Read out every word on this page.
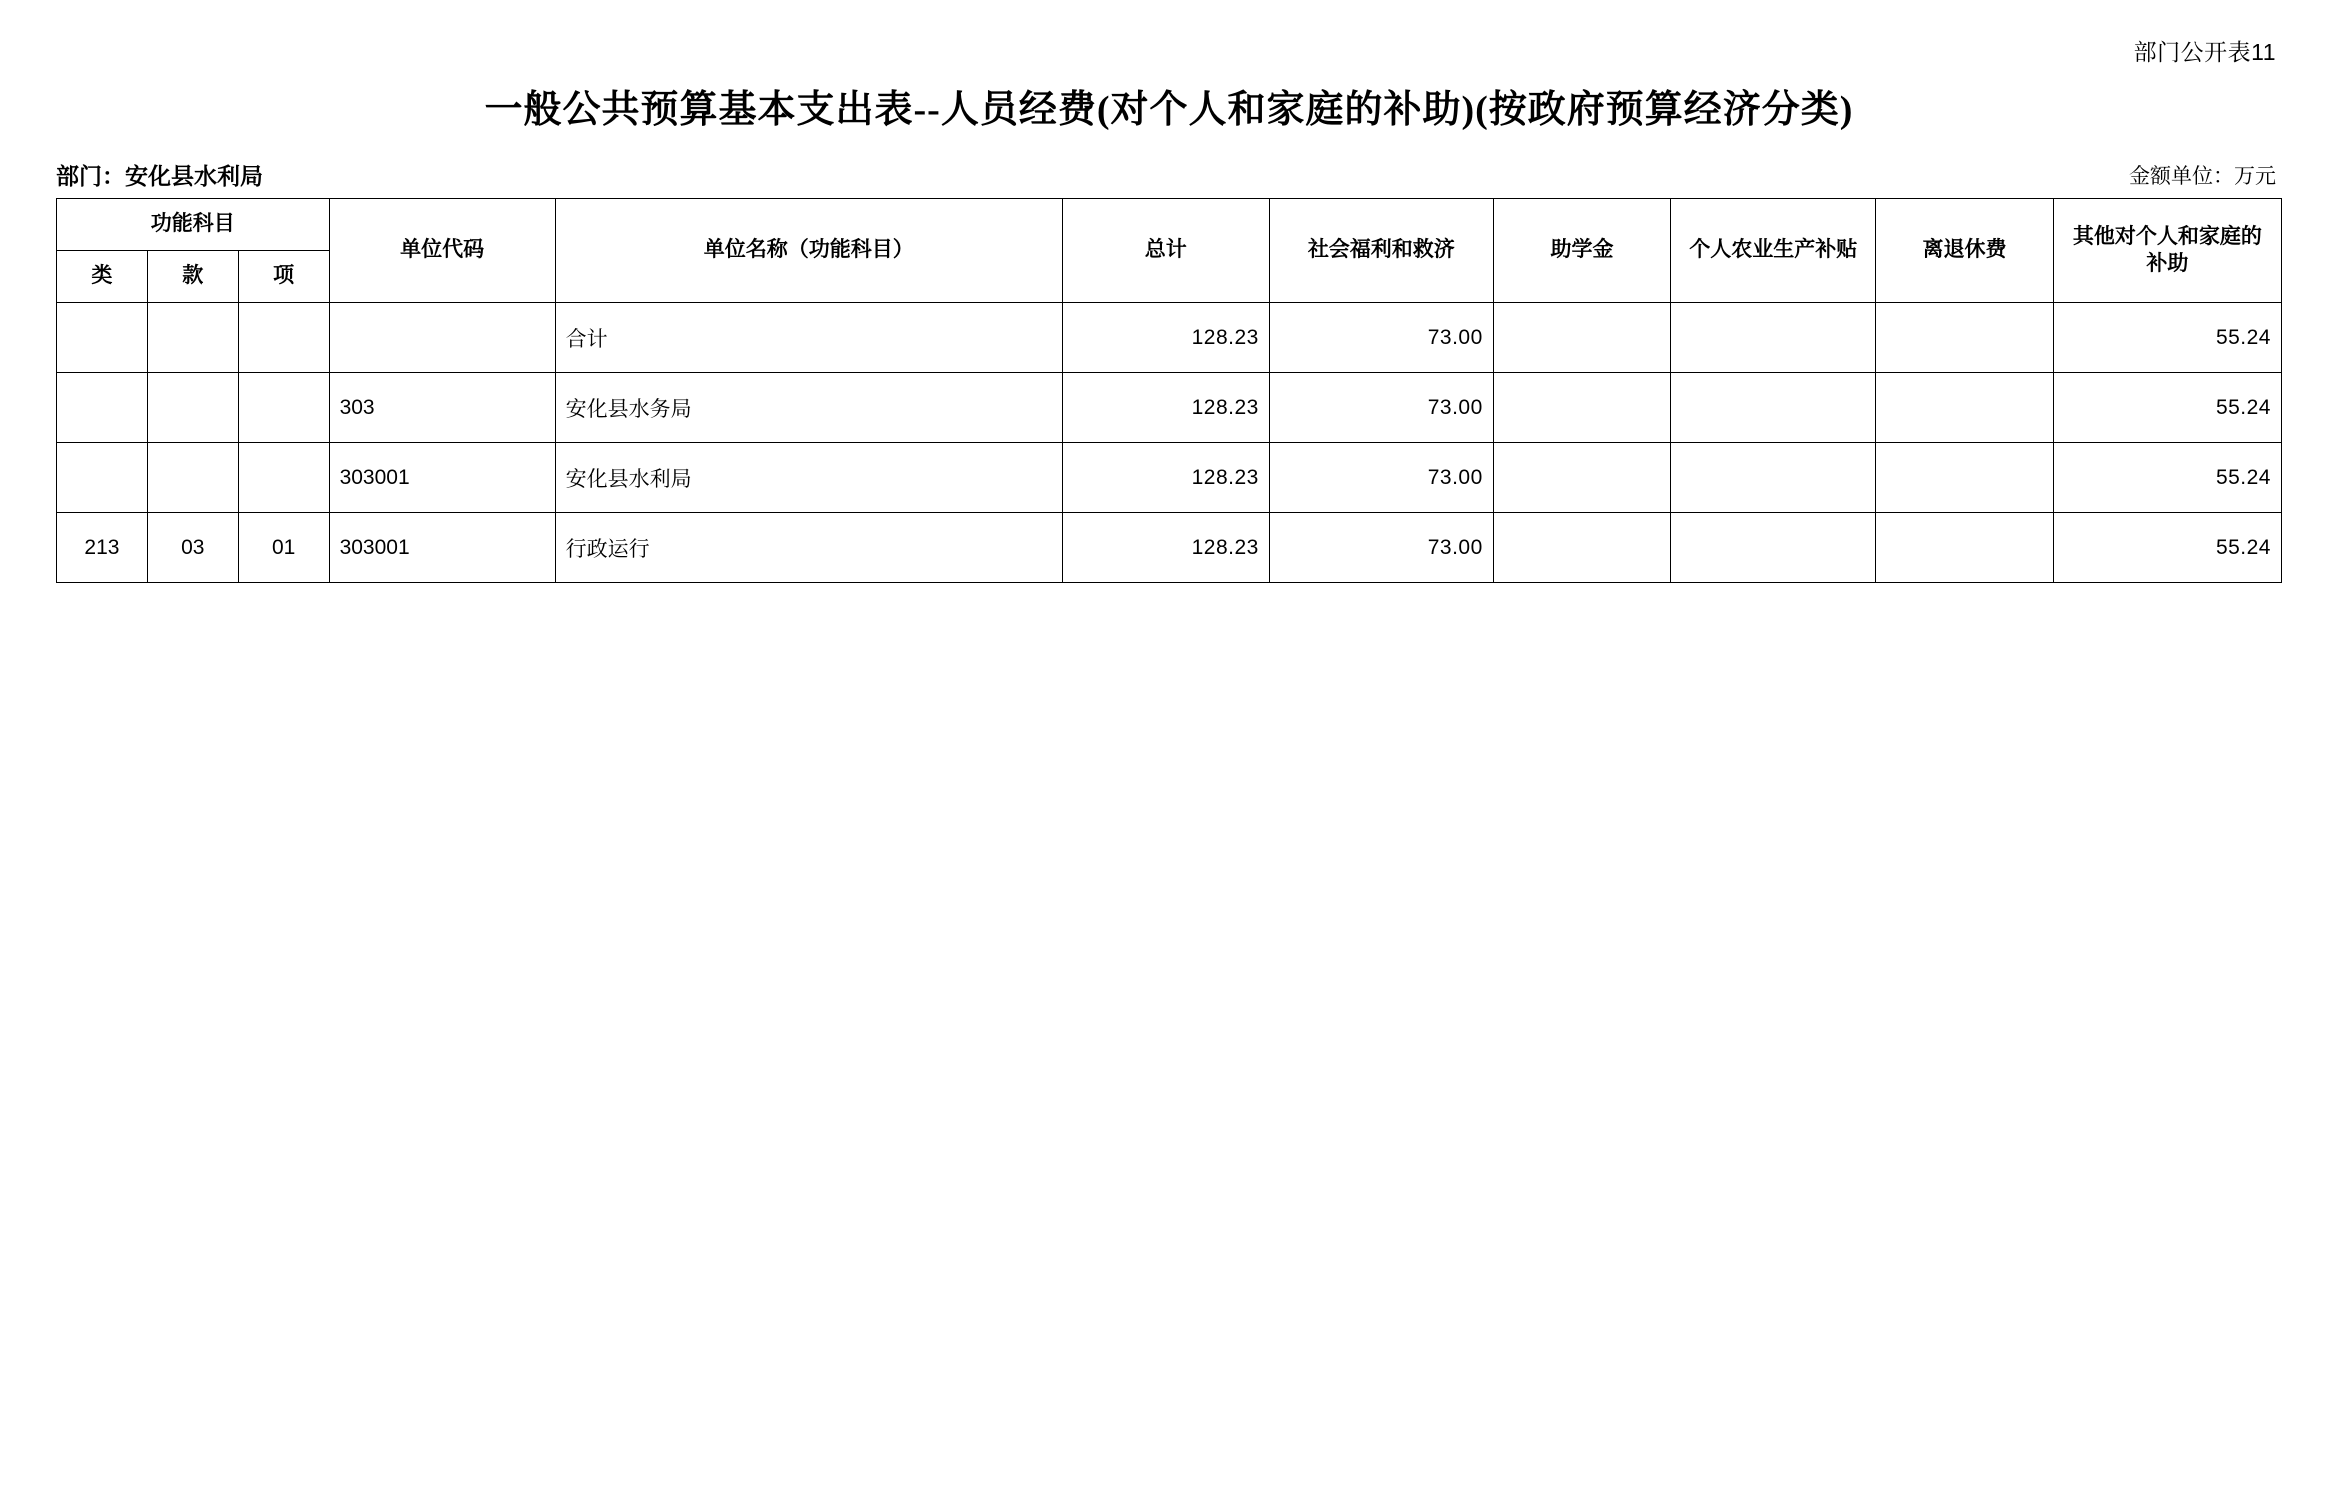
部门公开表11
一般公共预算基本支出表--人员经费(对个人和家庭的补助)(按政府预算经济分类)
部门：安化县水利局	金额单位：万元
功能科目			单位代码	单位名称（功能科目）	总计	社会福利和救济	助学金	个人农业生产补贴	离退休费	其他对个人和家庭的补助
类	款	项								
				合计	128.23	73.00				55.24
			303	安化县水务局	128.23	73.00				55.24
			303001	安化县水利局	128.23	73.00				55.24
213	03	01	303001	行政运行	128.23	73.00				55.24
